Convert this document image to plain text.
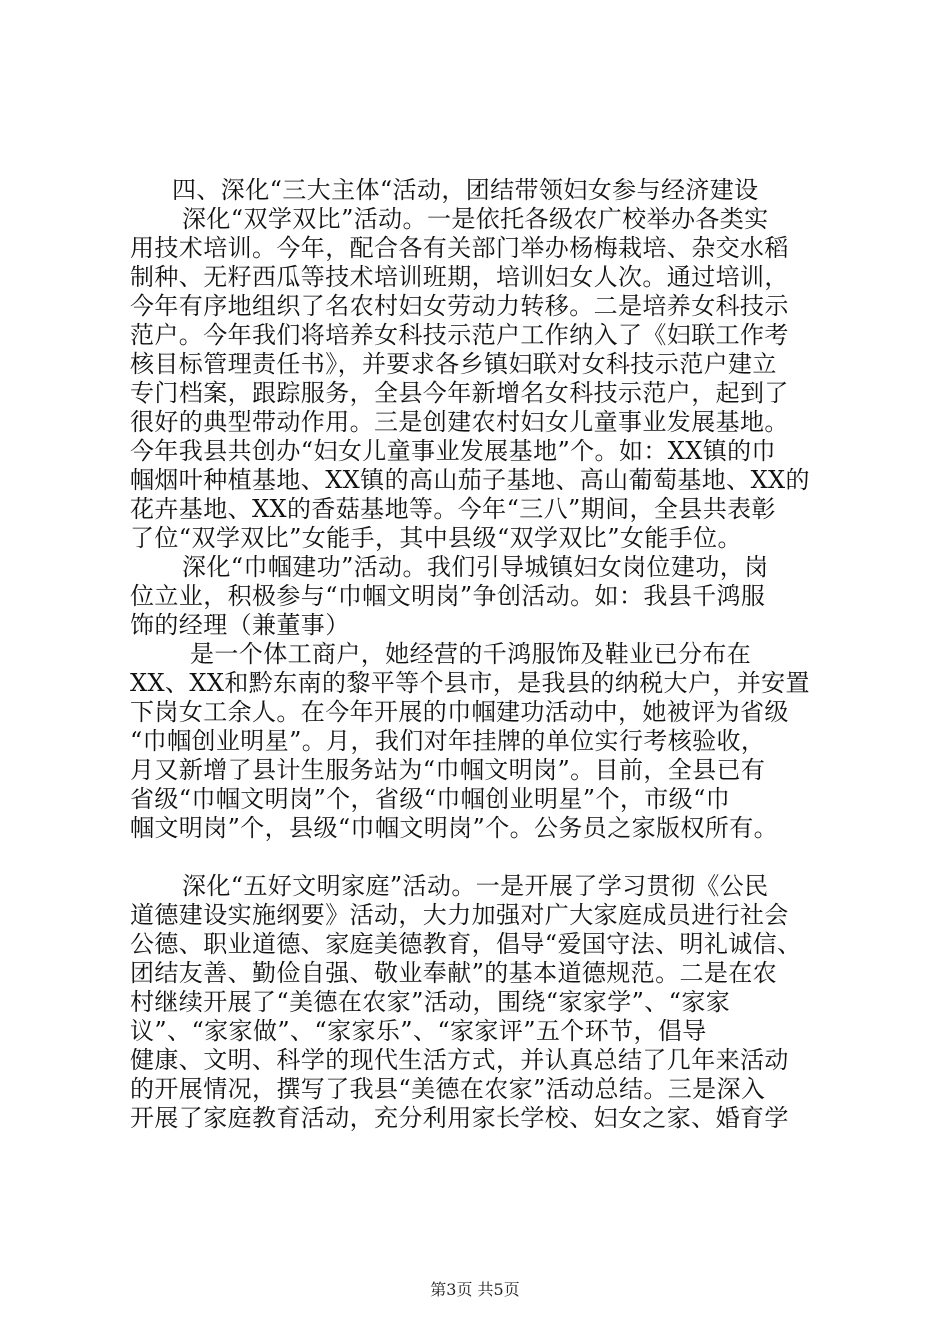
四、深化“三大主体“活动，团结带领妇女参与经济建设
深化“双学双比”活动。一是依托各级农广校举办各类实
用技术培训。今年，配合各有关部门举办杨梅栽培、杂交水稻
制种、无籽西瓜等技术培训班期，培训妇女人次。通过培训，
今年有序地组织了名农村妇女劳动力转移。二是培养女科技示
范户。今年我们将培养女科技示范户工作纳入了《妇联工作考
核目标管理责任书》，并要求各乡镇妇联对女科技示范户建立
专门档案，跟踪服务，全县今年新增名女科技示范户，起到了
很好的典型带动作用。三是创建农村妇女儿童事业发展基地。
今年我县共创办“妇女儿童事业发展基地”个。如：XX镇的巾
帼烟叶种植基地、XX镇的高山茄子基地、高山葡萄基地、XX的
花卉基地、XX的香菇基地等。今年“三八”期间，全县共表彰
了位“双学双比”女能手，其中县级“双学双比”女能手位。
深化“巾帼建功”活动。我们引导城镇妇女岗位建功，岗
位立业，积极参与“巾帼文明岗”争创活动。如：我县千鸿服
饰的经理（兼董事）
是一个体工商户，她经营的千鸿服饰及鞋业已分布在
XX、XX和黔东南的黎平等个县市，是我县的纳税大户，并安置
下岗女工余人。在今年开展的巾帼建功活动中，她被评为省级
“巾帼创业明星”。月，我们对年挂牌的单位实行考核验收，
月又新增了县计生服务站为“巾帼文明岗”。目前，全县已有
省级“巾帼文明岗”个，省级“巾帼创业明星”个，市级“巾
帼文明岗”个，县级“巾帼文明岗”个。公务员之家版权所有。
深化“五好文明家庭”活动。一是开展了学习贯彻《公民
道德建设实施纲要》活动，大力加强对广大家庭成员进行社会
公德、职业道德、家庭美德教育，倡导“爱国守法、明礼诚信、
团结友善、勤俭自强、敬业奉献”的基本道德规范。二是在农
村继续开展了“美德在农家”活动，围绕“家家学”、“家家
议”、“家家做”、“家家乐”、“家家评”五个环节，倡导
健康、文明、科学的现代生活方式，并认真总结了几年来活动
的开展情况，撰写了我县“美德在农家”活动总结。三是深入
开展了家庭教育活动，充分利用家长学校、妇女之家、婚育学
第3页 共5页
